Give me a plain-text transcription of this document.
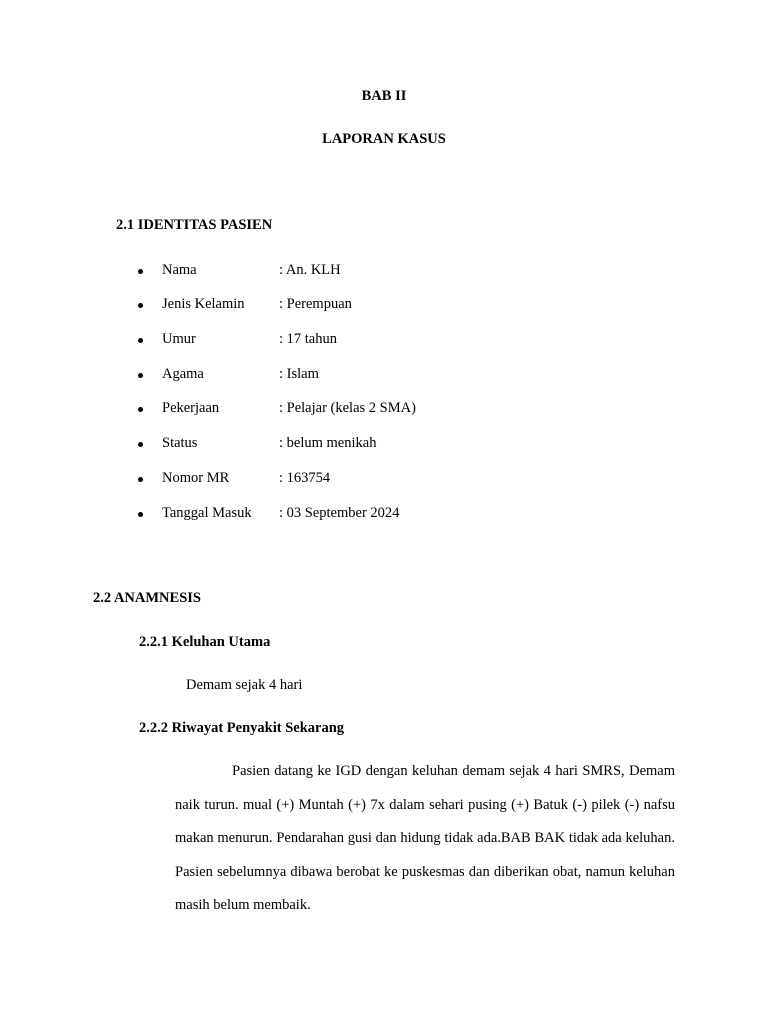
BAB II
LAPORAN KASUS
2.1 IDENTITAS PASIEN
Nama	: An. KLH
Jenis Kelamin : Perempuan
Umur	: 17 tahun
Agama	: Islam
Pekerjaan	: Pelajar (kelas 2 SMA)
Status	: belum menikah
Nomor MR	: 163754
Tanggal Masuk : 03 September 2024
2.2 ANAMNESIS
2.2.1 Keluhan Utama
Demam sejak 4 hari
2.2.2 Riwayat Penyakit Sekarang
Pasien datang ke IGD dengan keluhan demam sejak 4 hari SMRS, Demam naik turun. mual (+) Muntah (+) 7x dalam sehari pusing (+) Batuk (-) pilek (-) nafsu makan menurun. Pendarahan gusi dan hidung tidak ada.BAB BAK tidak ada keluhan. Pasien sebelumnya dibawa berobat ke puskesmas dan diberikan obat, namun keluhan masih belum membaik.
